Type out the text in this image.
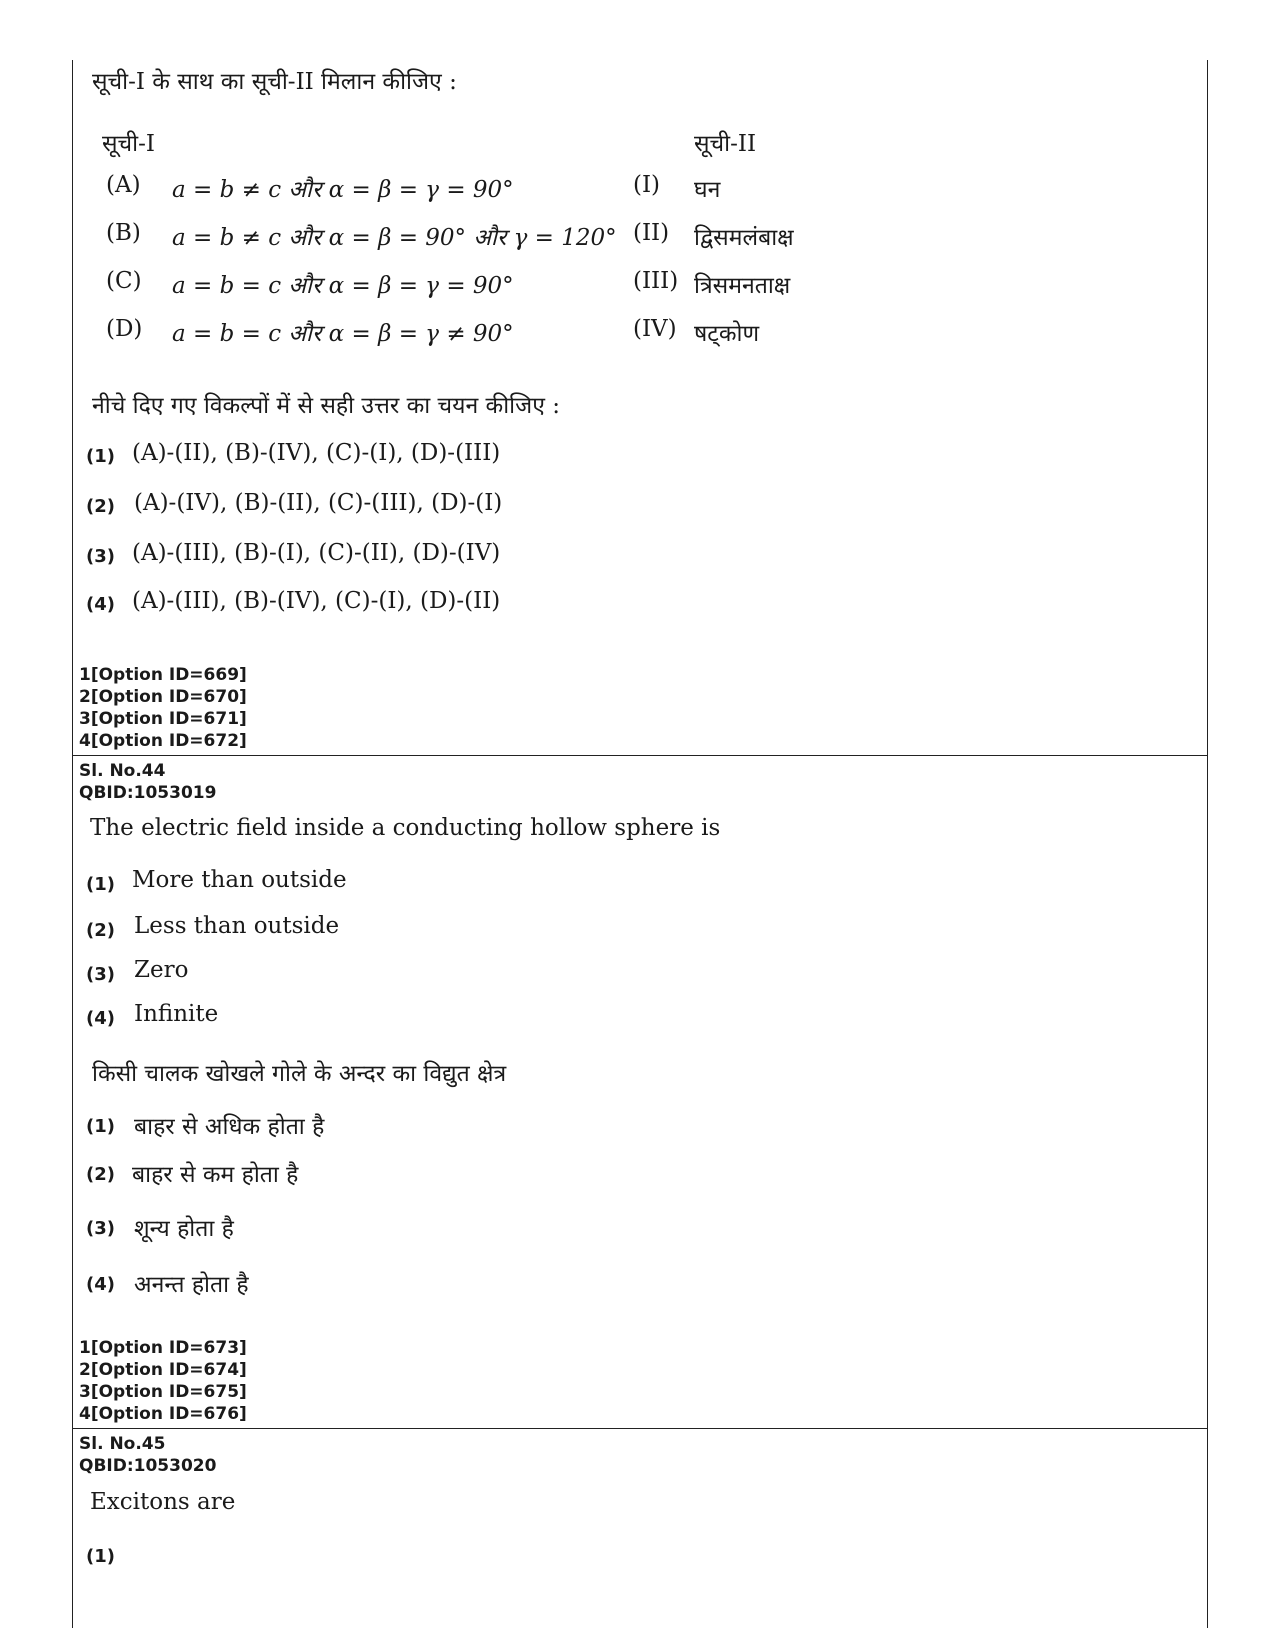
सूची-I के साथ का सूची-II मिलान कीजिए :
सूची-I	सूची-II
(A) a = b ≠ c और α = β = γ = 90°	(I) घन
(B) a = b ≠ c और α = β = 90° और γ = 120° (II) द्विसमलंबाक्ष
(C) a = b = c और α = β = γ = 90°	(III) त्रिसमनताक्ष
(D) a = b = c और α = β = γ ≠ 90°	(IV) षट्कोण
नीचे दिए गए विकल्पों में से सही उत्तर का चयन कीजिए :
(1) (A)-(II), (B)-(IV), (C)-(I), (D)-(III)
(2) (A)-(IV), (B)-(II), (C)-(III), (D)-(I)
(3) (A)-(III), (B)-(I), (C)-(II), (D)-(IV)
(4) (A)-(III), (B)-(IV), (C)-(I), (D)-(II)
1[Option ID=669]
2[Option ID=670]
3[Option ID=671]
4[Option ID=672]
Sl. No.44
QBID:1053019
The electric field inside a conducting hollow sphere is
(1) More than outside
(2) Less than outside
(3) Zero
(4) Infinite
किसी चालक खोखले गोले के अन्दर का विद्युत क्षेत्र
(1) बाहर से अधिक होता है
(2) बाहर से कम होता है
(3) शून्य होता है
(4) अनन्त होता है
1[Option ID=673]
2[Option ID=674]
3[Option ID=675]
4[Option ID=676]
Sl. No.45
QBID:1053020
Excitons are
(1)
